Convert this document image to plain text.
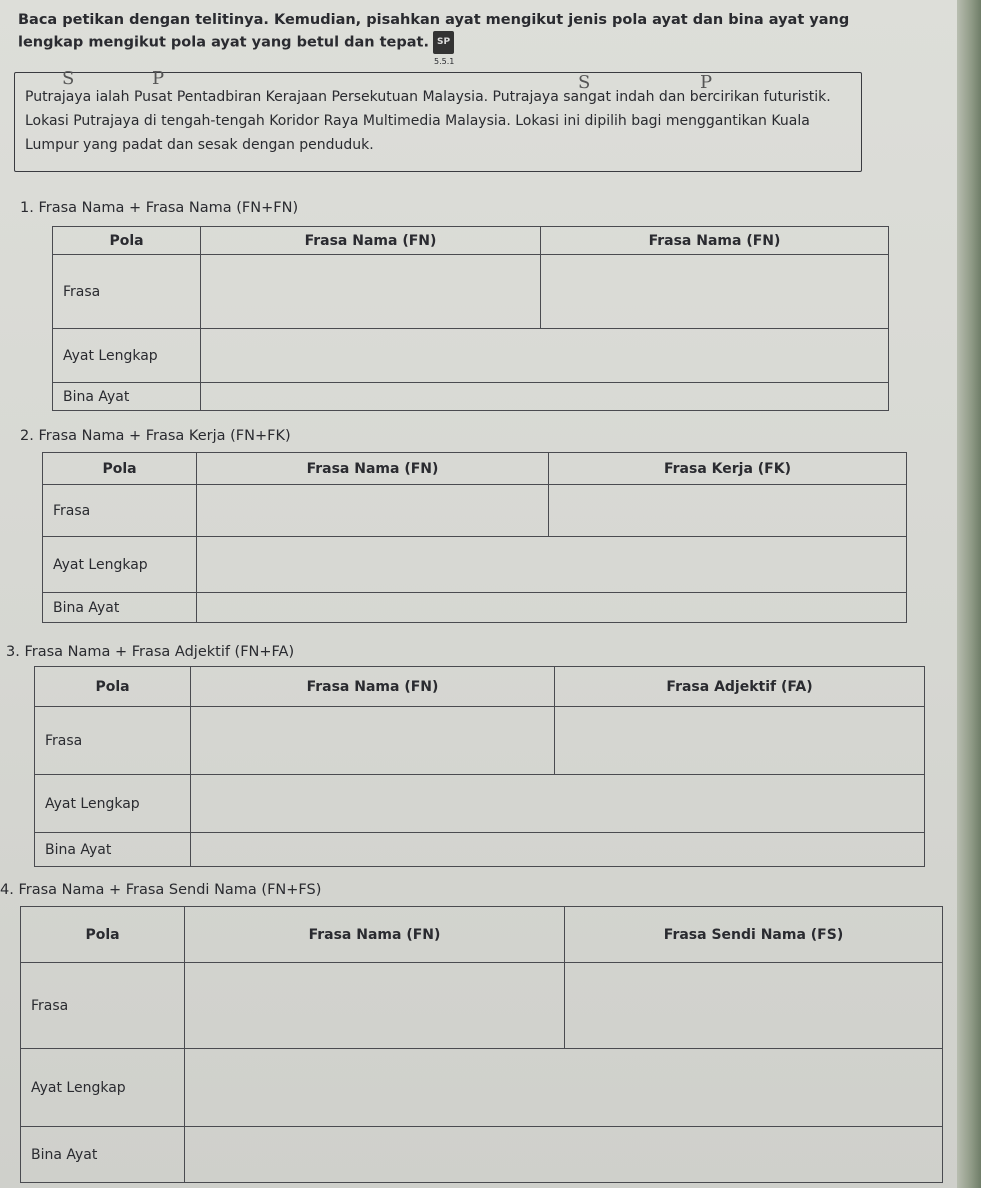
Baca petikan dengan telitinya. Kemudian, pisahkan ayat mengikut jenis pola ayat dan bina ayat yang lengkap mengikut pola ayat yang betul dan tepat. SP
5.5.1
Putrajaya ialah Pusat Pentadbiran Kerajaan Persekutuan Malaysia. Putrajaya sangat indah dan bercirikan futuristik. Lokasi Putrajaya di tengah-tengah Koridor Raya Multimedia Malaysia. Lokasi ini dipilih bagi menggantikan Kuala Lumpur yang padat dan sesak dengan penduduk.
S	P	S	P
1. Frasa Nama + Frasa Nama (FN+FN)
Pola	Frasa Nama (FN)	Frasa Nama (FN)
Frasa		
Ayat Lengkap		
Bina Ayat		
2. Frasa Nama + Frasa Kerja (FN+FK)
Pola	Frasa Nama (FN)	Frasa Kerja (FK)
Frasa		
Ayat Lengkap		
Bina Ayat		
3. Frasa Nama + Frasa Adjektif (FN+FA)
Pola	Frasa Nama (FN)	Frasa Adjektif (FA)
Frasa		
Ayat Lengkap		
Bina Ayat		
4. Frasa Nama + Frasa Sendi Nama (FN+FS)
Pola	Frasa Nama (FN)	Frasa Sendi Nama (FS)
Frasa		
Ayat Lengkap		
Bina Ayat		
